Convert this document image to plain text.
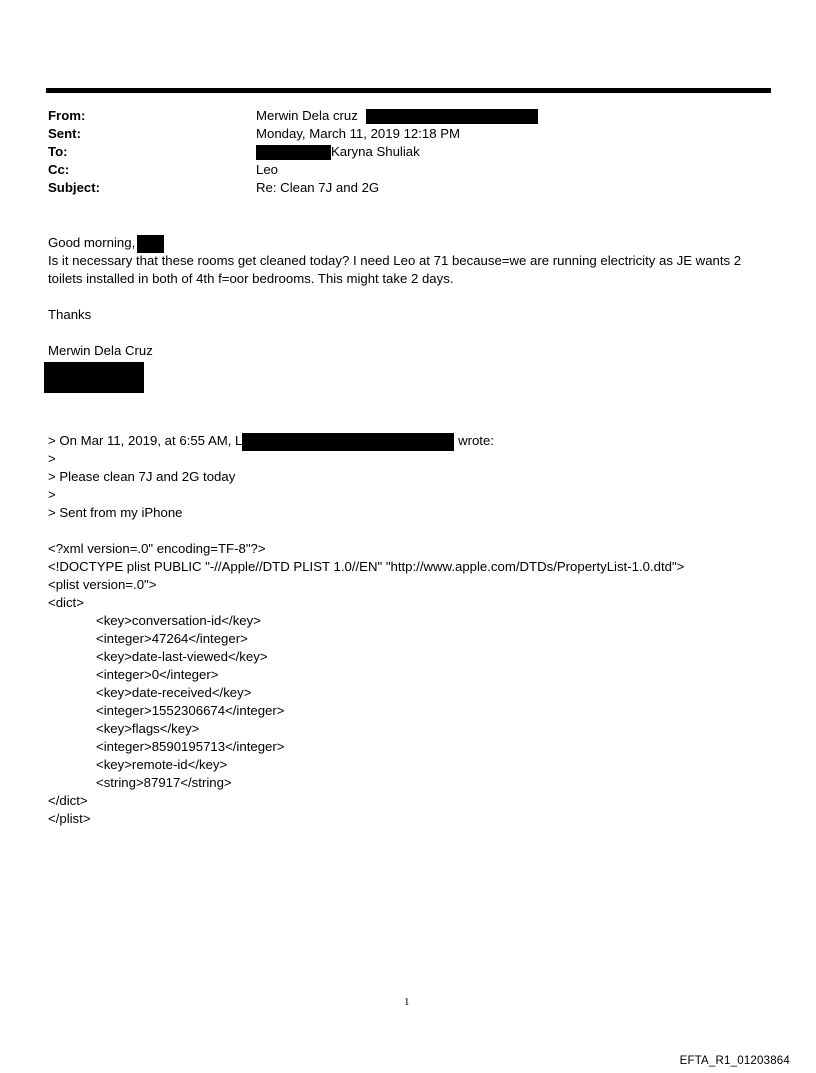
From:	Merwin Dela cruz
Sent:	Monday, March 11, 2019 12:18 PM
To:	Karyna Shuliak
Cc:	Leo
Subject:	Re: Clean 7J and 2G
Good morning,
Is it necessary that these rooms get cleaned today? I need Leo at 71 because=we are running electricity as JE wants 2
toilets installed in both of 4th f=oor bedrooms. This might take 2 days.
Thanks
Merwin Dela Cruz
> On Mar 11, 2019, at 6:55 AM, L	wrote:
>
> Please clean 7J and 2G today
>
> Sent from my iPhone
<?xml version=.0" encoding=TF-8"?>
<!DOCTYPE plist PUBLIC "-//Apple//DTD PLIST 1.0//EN" "http://www.apple.com/DTDs/PropertyList-1.0.dtd">
<plist version=.0">
<dict>
<key>conversation-id</key>
<integer>47264</integer>
<key>date-last-viewed</key>
<integer>0</integer>
<key>date-received</key>
<integer>1552306674</integer>
<key>flags</key>
<integer>8590195713</integer>
<key>remote-id</key>
<string>87917</string>
</dict>
</plist>
1
EFTA_R1_01203864
